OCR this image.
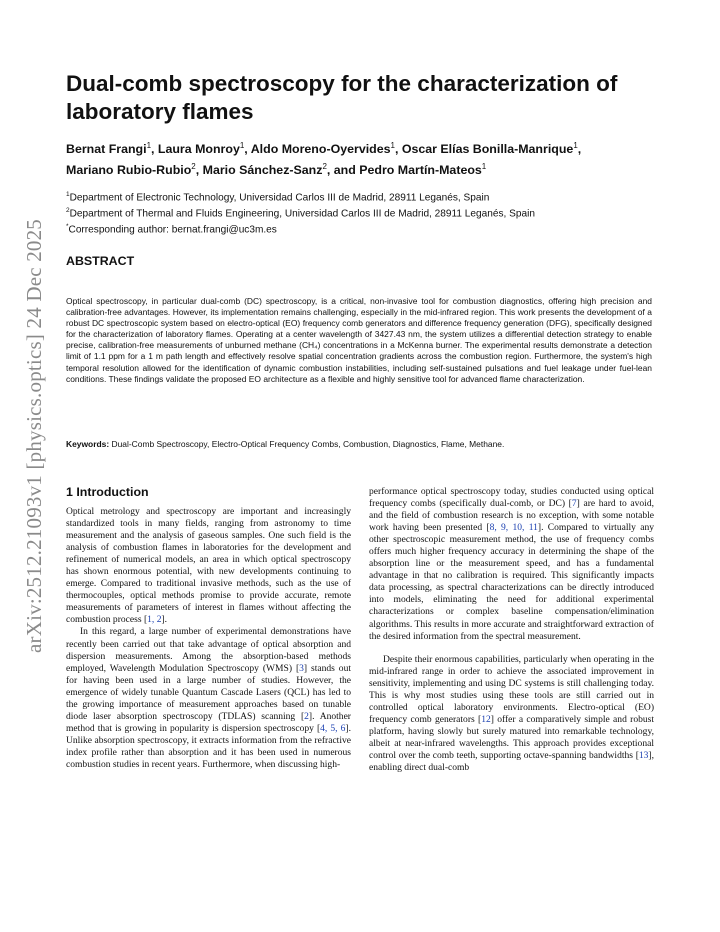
arXiv:2512.21093v1 [physics.optics] 24 Dec 2025
Dual-comb spectroscopy for the characterization of laboratory flames
Bernat Frangi$^1$, Laura Monroy$^1$, Aldo Moreno-Oyervides$^1$, Oscar Elías Bonilla-Manrique$^1$,
Mariano Rubio-Rubio$^2$, Mario Sánchez-Sanz$^2$, and Pedro Martín-Mateos$^1$
$^1$Department of Electronic Technology, Universidad Carlos III de Madrid, 28911 Leganés, Spain
$^2$Department of Thermal and Fluids Engineering, Universidad Carlos III de Madrid, 28911 Leganés, Spain
*Corresponding author: bernat.frangi@uc3m.es
ABSTRACT

Optical spectroscopy, in particular dual-comb (DC) spectroscopy, is a critical, non-invasive tool for combustion diagnostics, offering high precision and calibration-free advantages. However, its implementation remains challenging, especially in the mid-infrared region. This work presents the development of a robust DC spectroscopic system based on electro-optical (EO) frequency comb generators and difference frequency generation (DFG), specifically designed for the characterization of laboratory flames. Operating at a center wavelength of 3427.43 nm, the system utilizes a differential detection strategy to enable precise, calibration-free measurements of unburned methane (CH₄) concentrations in a McKenna burner. The experimental results demonstrate a detection limit of 1.1 ppm for a 1 m path length and effectively resolve spatial concentration gradients across the combustion region. Furthermore, the system's high temporal resolution allowed for the identification of dynamic combustion instabilities, including self-sustained pulsations and fuel leakage under fuel-lean conditions. These findings validate the proposed EO architecture as a flexible and highly sensitive tool for advanced flame characterization.

Keywords: Dual-Comb Spectroscopy, Electro-Optical Frequency Combs, Combustion, Diagnostics, Flame, Methane.

1 Introduction

Optical metrology and spectroscopy are important and increasingly standardized tools in many fields, ranging from astronomy to time measurement and the analysis of gaseous samples. One such field is the analysis of combustion flames in laboratories for the development and refinement of numerical models, an area in which optical spectroscopy has shown enormous potential, with new developments continuing to emerge. Compared to traditional invasive methods, such as the use of thermocouples, optical methods promise to provide accurate, remote measurements of parameters of interest in flames without affecting the combustion process [1, 2].

In this regard, a large number of experimental demonstrations have recently been carried out that take advantage of optical absorption and dispersion measurements. Among the absorption-based methods employed, Wavelength Modulation Spectroscopy (WMS) [3] stands out for having been used in a large number of studies. However, the emergence of widely tunable Quantum Cascade Lasers (QCL) has led to the growing importance of measurement approaches based on tunable diode laser absorption spectroscopy (TDLAS) scanning [2]. Another method that is growing in popularity is dispersion spectroscopy [4, 5, 6]. Unlike absorption spectroscopy, it extracts information from the refractive index profile rather than absorption and it has been used in numerous combustion studies in recent years. Furthermore, when discussing high-

performance optical spectroscopy today, studies conducted using optical frequency combs (specifically dual-comb, or DC) [7] are hard to avoid, and the field of combustion research is no exception, with some notable work having been presented [8, 9, 10, 11]. Compared to virtually any other spectroscopic measurement method, the use of frequency combs offers much higher frequency accuracy in determining the shape of the absorption line or the measurement speed, and has a fundamental advantage in that no calibration is required. This significantly impacts data processing, as spectral characterizations can be directly introduced into models, eliminating the need for additional experimental characterizations or complex baseline compensation/elimination algorithms. This results in more accurate and straightforward extraction of the desired information from the spectral measurement.

Despite their enormous capabilities, particularly when operating in the mid-infrared range in order to achieve the associated improvement in sensitivity, implementing and using DC systems is still challenging today. This is why most studies using these tools are still carried out in controlled optical laboratory environments. Electro-optical (EO) frequency comb generators [12] offer a comparatively simple and robust platform, having slowly but surely matured into remarkable technology, albeit at near-infrared wavelengths. This approach provides exceptional control over the comb teeth, supporting octave-spanning bandwidths [13], enabling direct dual-comb
